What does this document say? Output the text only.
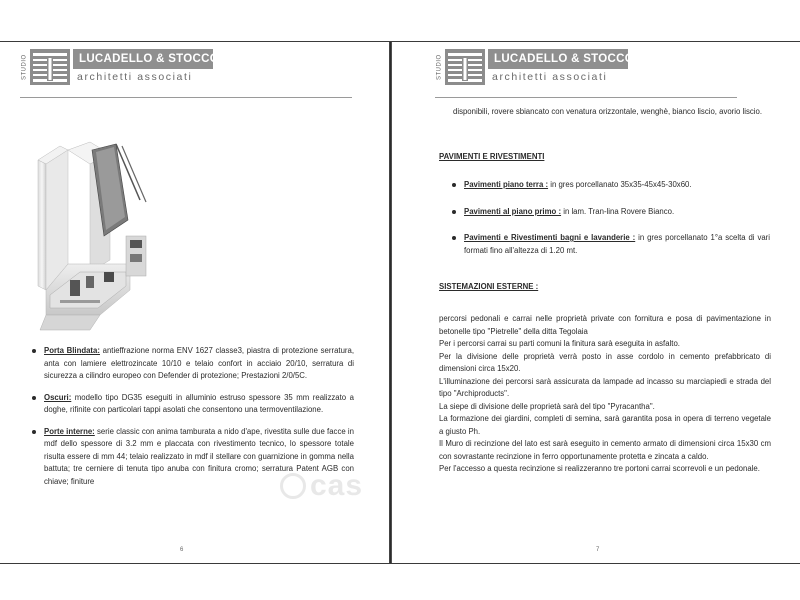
STUDIO	LUCADELLO & STOCCO
architetti associati
Porta Blindata: antieffrazione norma ENV 1627 classe3, piastra di protezione serratura, anta con lamiere elettrozincate 10/10 e telaio confort in acciaio 20/10, serratura di sicurezza a cilindro europeo con Defender di protezione; Prestazioni 2/0/5C.
Oscuri: modello tipo DG35 eseguiti in alluminio estruso spessore 35 mm realizzato a doghe, rifinite con particolari tappi asolati che consentono una termoventilazione.
Porte interne: serie classic con anima tamburata a nido d'ape, rivestita sulle due facce in mdf dello spessore di 3.2 mm e placcata con rivestimento tecnico, lo spessore totale risulta essere di mm 44; telaio realizzato in mdf il stellare con guarnizione in gomma nella battuta; tre cerniere di tenuta tipo anuba con finitura cromo; serratura Patent AGB con chiave; finiture
6
STUDIO	LUCADELLO & STOCCO
architetti associati
disponibili, rovere sbiancato con venatura orizzontale, wenghè, bianco liscio, avorio liscio.
PAVIMENTI E RIVESTIMENTI
Pavimenti piano terra : in gres porcellanato 35x35-45x45-30x60.
Pavimenti al piano primo : in lam. Tran-lina Rovere Bianco.
Pavimenti e Rivestimenti bagni e lavanderie : in gres porcellanato 1°a scelta di vari formati fino all'altezza di 1.20 mt.
SISTEMAZIONI ESTERNE :

percorsi pedonali e carrai nelle proprietà private con fornitura e posa di pavimentazione in betonelle tipo "Pietrelle" della ditta Tegolaia

Per i percorsi carrai su parti comuni la finitura sarà eseguita in asfalto.

Per la divisione delle proprietà verrà posto in asse cordolo in cemento prefabbricato di dimensioni circa 15x20.

L'illuminazione dei percorsi sarà assicurata da lampade ad incasso su marciapiedi e strada del tipo "Archiproducts".

La siepe di divisione delle proprietà sarà del tipo "Pyracantha".

La formazione dei giardini, completi di semina, sarà garantita posa in opera di terreno vegetale a giusto Ph.

Il Muro di recinzione del lato est sarà eseguito in cemento armato di dimensioni circa 15x30 cm con sovrastante recinzione in ferro opportunamente protetta e zincata a caldo.

Per l'accesso a questa recinzione si realizzeranno tre portoni carrai scorrevoli e un pedonale.

7
cas
